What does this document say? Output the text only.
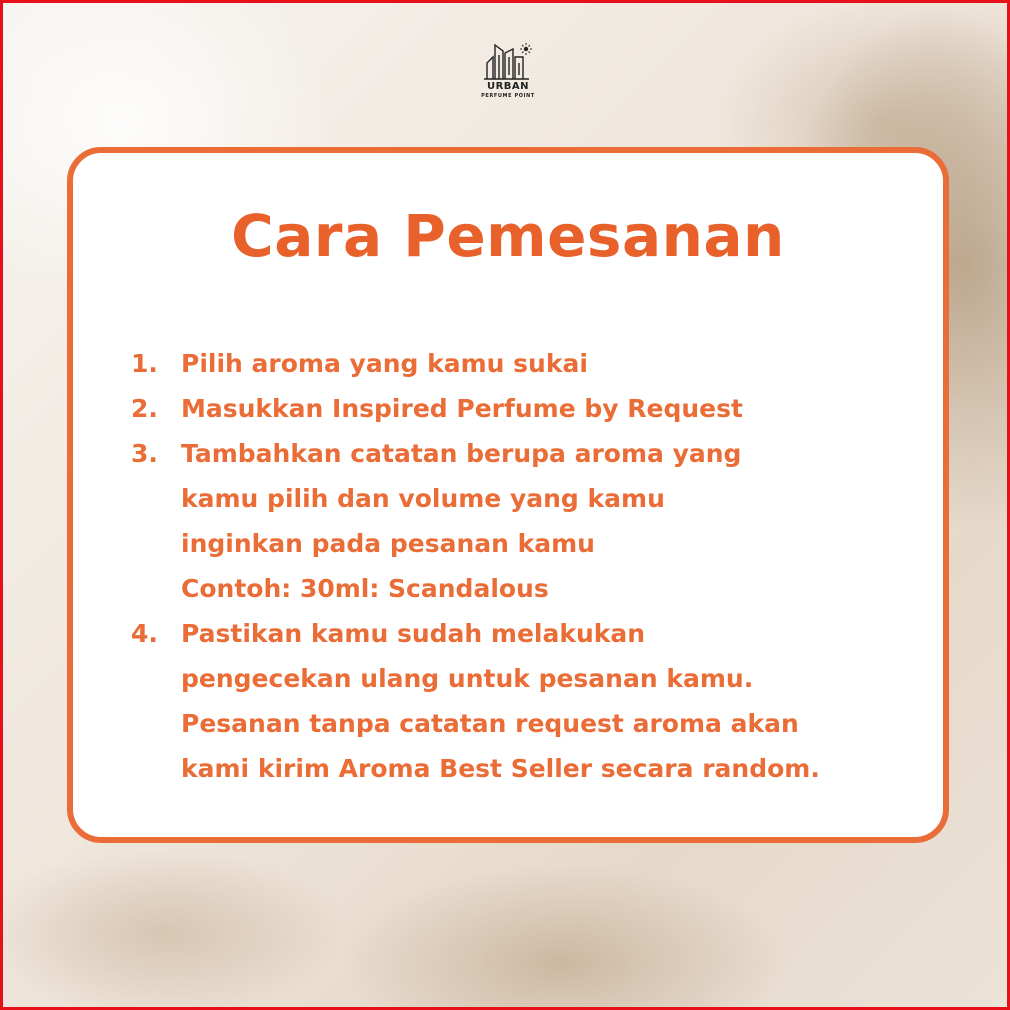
URBAN
PERFUME POINT
Cara Pemesanan
1. Pilih aroma yang kamu sukai
2. Masukkan Inspired Perfume by Request
3. Tambahkan catatan berupa aroma yang
kamu pilih dan volume yang kamu
inginkan pada pesanan kamu
Contoh: 30ml: Scandalous
4. Pastikan kamu sudah melakukan
pengecekan ulang untuk pesanan kamu.
Pesanan tanpa catatan request aroma akan
kami kirim Aroma Best Seller secara random.
